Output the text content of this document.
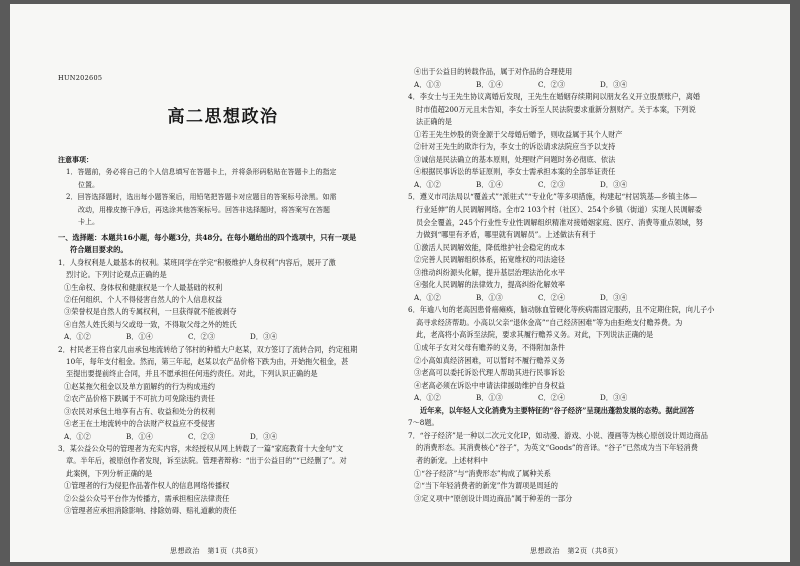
HUN202605
高二思想政治
注意事项：
1．答题前，务必将自己的个人信息填写在答题卡上，并将条形码粘贴在答题卡上的指定
位置。
2．回答选择题时，选出每小题答案后，用铅笔把答题卡对应题目的答案标号涂黑。如需
改动，用橡皮擦干净后，再选涂其他答案标号。回答非选择题时，将答案写在答题
卡上。
一、选择题：本题共16小题，每小题3分，共48分。在每小题给出的四个选项中，只有一项是
符合题目要求的。
1．人身权利是人最基本的权利。某班同学在学完“积极维护人身权利”内容后，展开了激
烈讨论。下列讨论观点正确的是
①生命权、身体权和健康权是一个人最基础的权利
②任何组织、个人不得侵害自然人的个人信息权益
③荣誉权是自然人的专属权利，一旦获得就不能被剥夺
④自然人姓氏须与父或母一致，不得取父母之外的姓氏
A．①②	B．①④	C．②③	D．③④
2．村民老王将自家几亩承包地流转给了邻村的种植大户赵某，双方签订了流转合同，约定租期
10年，每年支付租金。然而，第三年起，赵某以农产品价格下跌为由，开始拖欠租金，甚
至提出要提前终止合同，并且不愿承担任何违约责任。对此，下列认识正确的是
①赵某拖欠租金以及单方面解约的行为构成违约
②农产品价格下跌属于不可抗力可免除违约责任
③农民对承包土地享有占有、收益和处分的权利
④老王在土地流转中的合法财产权益应不受侵害
A．①②	B．①④	C．②③	D．③④
3．某公益公众号的管理者为充实内容，未经授权从网上转载了一篇“家庭教育十大金句”文
章。半年后，被原创作者发现，诉至法院。管理者辩称：“出于公益目的”“已经删了”。对
此案例，下列分析正确的是
①管理者的行为侵犯作品著作权人的信息网络传播权
②公益公众号平台作为传播方，需承担相应法律责任
③管理者应承担消除影响、排除妨碍、赔礼道歉的责任
思想政治　第1页（共8页）
④出于公益目的转载作品，属于对作品的合理使用
A．①③	B．①④	C．②③	D．③④
4．李女士与王先生协议离婚后发现，王先生在婚姻存续期间以朋友名义开立股票账户，离婚
时市值超200万元且未告知，李女士诉至人民法院要求重新分割财产。关于本案，下列说
法正确的是
①若王先生炒股的资金源于父母婚后赠予，则收益属于其个人财产
②针对王先生的欺诈行为，李女士的诉讼请求法院应当予以支持
③诚信是民法确立的基本原则，处理财产问题时务必彻底、依法
④根据民事诉讼的举证原则，李女士需承担本案的全部举证责任
A．①②	B．①④	C．②③	D．③④
5．遵义市司法局以“覆盖式”“派驻式”“专业化”等多项措施，构建起“村居筑基—乡镇主体—
行业延伸”的人民调解网络。全市2 103个村（社区）、254个乡镇（街道）实现人民调解委
员会全覆盖，245个行业性专业性调解组织精准对接婚姻家庭、医疗、消费等重点领域，努
力做到“哪里有矛盾，哪里就有调解员”。上述做法有利于
①激活人民调解效能，降低维护社会稳定的成本
②完善人民调解组织体系，拓宽维权的司法途径
③推动纠纷源头化解，提升基层治理法治化水平
④强化人民调解的法律效力，提高纠纷化解效率
A．①②	B．①③	C．②④	D．③④
6．年逾八旬的老高因患骨癌瘫痪，脑动脉血管硬化等疾病需固定服药，且不定期住院，向儿子小
高寻求经济帮助。小高以父亲“退休金高”“自己经济困难”等为由拒绝支付赡养费。为
此，老高将小高诉至法院，要求其履行赡养义务。对此，下列说法正确的是
①成年子女对父母有赡养的义务，不得附加条件
②小高如真经济困难，可以暂时不履行赡养义务
③老高可以委托诉讼代理人帮助其进行民事诉讼
④老高必须在诉讼中申请法律援助维护自身权益
A．①②	B．①③	C．②④	D．③④
近年来，以年轻人文化消费为主要特征的“谷子经济”呈现出蓬勃发展的态势。据此回答
7～8题。
7．“谷子经济”是一种以二次元文化IP，如动漫、游戏、小说、漫画等为核心原创设计周边商品
的消费形态。其消费核心“谷子”，为英文“Goods”的音译。“谷子”已然成为当下年轻消费
者的新宠。上述材料中
①“谷子经济”与“消费形态”构成了属种关系
②“当下年轻消费者的新宠”作为谓项是周延的
③定义项中“原创设计周边商品”属于种差的一部分
思想政治　第2页（共8页）
